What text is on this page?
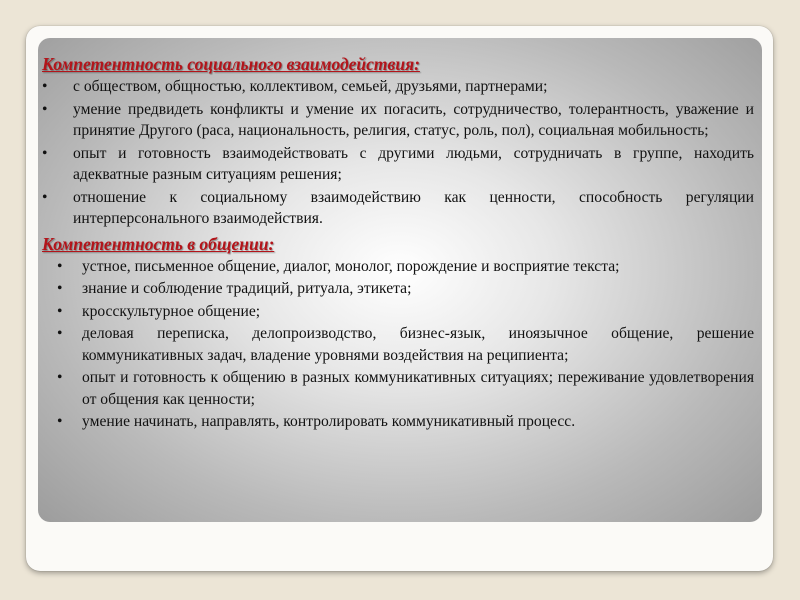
Компетентность социального взаимодействия:

• с обществом, общностью, коллективом, семьей, друзьями, партнерами;
• умение предвидеть конфликты и умение их погасить, сотрудничество, толерантность, уважение и принятие Другого (раса, национальность, религия, статус, роль, пол), социальная мобильность;
• опыт и готовность взаимодействовать с другими людьми, сотрудничать в группе, находить адекватные разным ситуациям решения;
• отношение к социальному взаимодействию как ценности, способность регуляции интерперсонального взаимодействия.

Компетентность в общении:

• устное, письменное общение, диалог, монолог, порождение и восприятие текста;
• знание и соблюдение традиций, ритуала, этикета;
• кросскультурное общение;
• деловая переписка, делопроизводство, бизнес-язык, иноязычное общение, решение коммуникативных задач, владение уровнями воздействия на реципиента;
• опыт и готовность к общению в разных коммуникативных ситуациях; переживание удовлетворения от общения как ценности;
• умение начинать, направлять, контролировать коммуникативный процесс.
